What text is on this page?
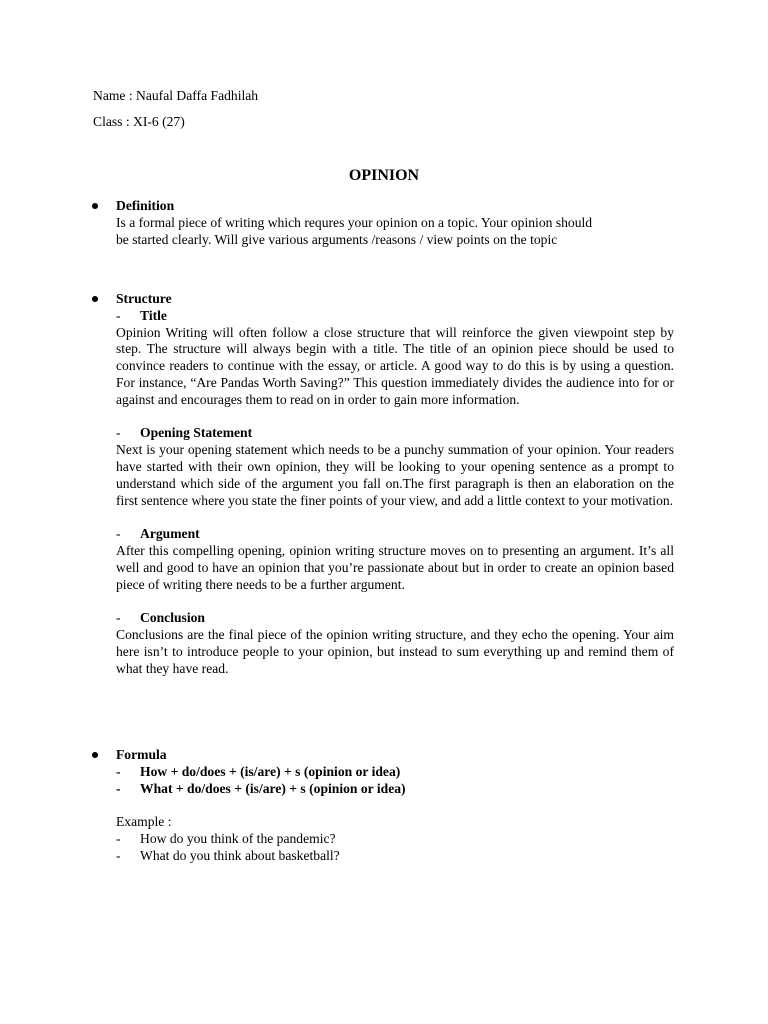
Name : Naufal Daffa Fadhilah
Class : XI-6 (27)
OPINION
Definition
Is a formal piece of writing which requres your opinion on a topic. Your opinion should
be started clearly. Will give various arguments /reasons / view points on the topic
Structure
- Title
Opinion Writing will often follow a close structure that will reinforce the given viewpoint step by step. The structure will always begin with a title. The title of an opinion piece should be used to convince readers to continue with the essay, or article. A good way to do this is by using a question. For instance, “Are Pandas Worth Saving?” This question immediately divides the audience into for or against and encourages them to read on in order to gain more information.
- Opening Statement
Next is your opening statement which needs to be a punchy summation of your opinion. Your readers have started with their own opinion, they will be looking to your opening sentence as a prompt to understand which side of the argument you fall on.The first paragraph is then an elaboration on the first sentence where you state the finer points of your view, and add a little context to your motivation.
- Argument
After this compelling opening, opinion writing structure moves on to presenting an argument. It’s all well and good to have an opinion that you’re passionate about but in order to create an opinion based piece of writing there needs to be a further argument.
- Conclusion
Conclusions are the final piece of the opinion writing structure, and they echo the opening. Your aim here isn’t to introduce people to your opinion, but instead to sum everything up and remind them of what they have read.
Formula
- How + do/does + (is/are) + s (opinion or idea)
- What + do/does + (is/are) + s (opinion or idea)
Example :
- How do you think of the pandemic?
- What do you think about basketball?
